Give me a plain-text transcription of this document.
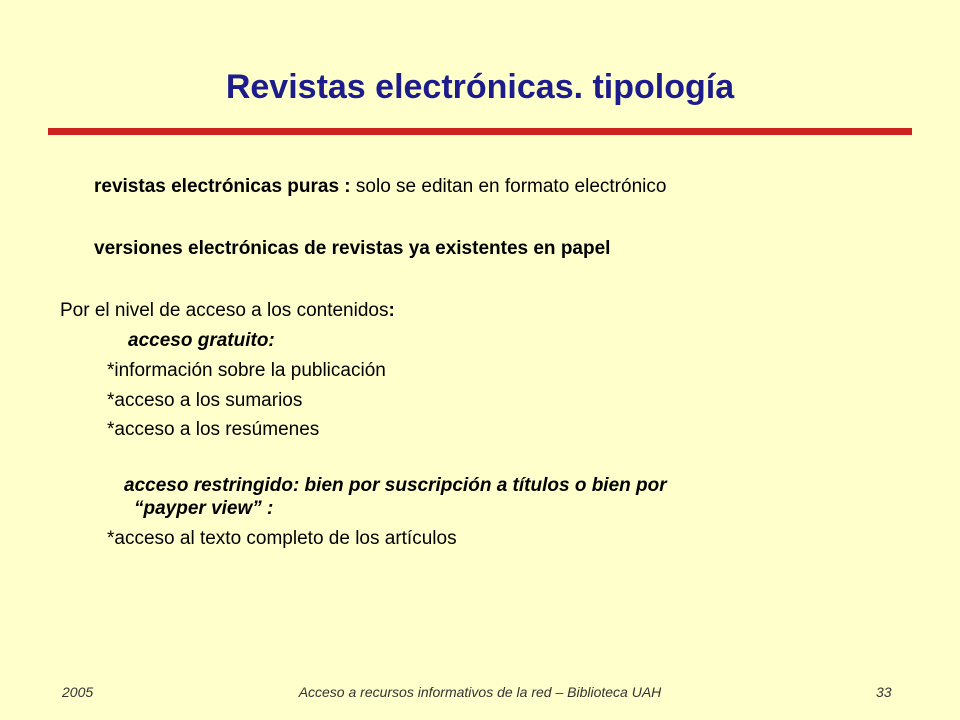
Revistas electrónicas. tipología
revistas electrónicas puras : solo se editan en formato electrónico
versiones electrónicas de revistas ya existentes en papel
Por el nivel de acceso a los contenidos:
acceso gratuito:
*información sobre la publicación
*acceso a los sumarios
*acceso a los resúmenes
acceso restringido: bien por suscripción a títulos o bien por
“payper view” :
*acceso al texto completo de los artículos
2005	Acceso a recursos informativos de la red – Biblioteca UAH	33
